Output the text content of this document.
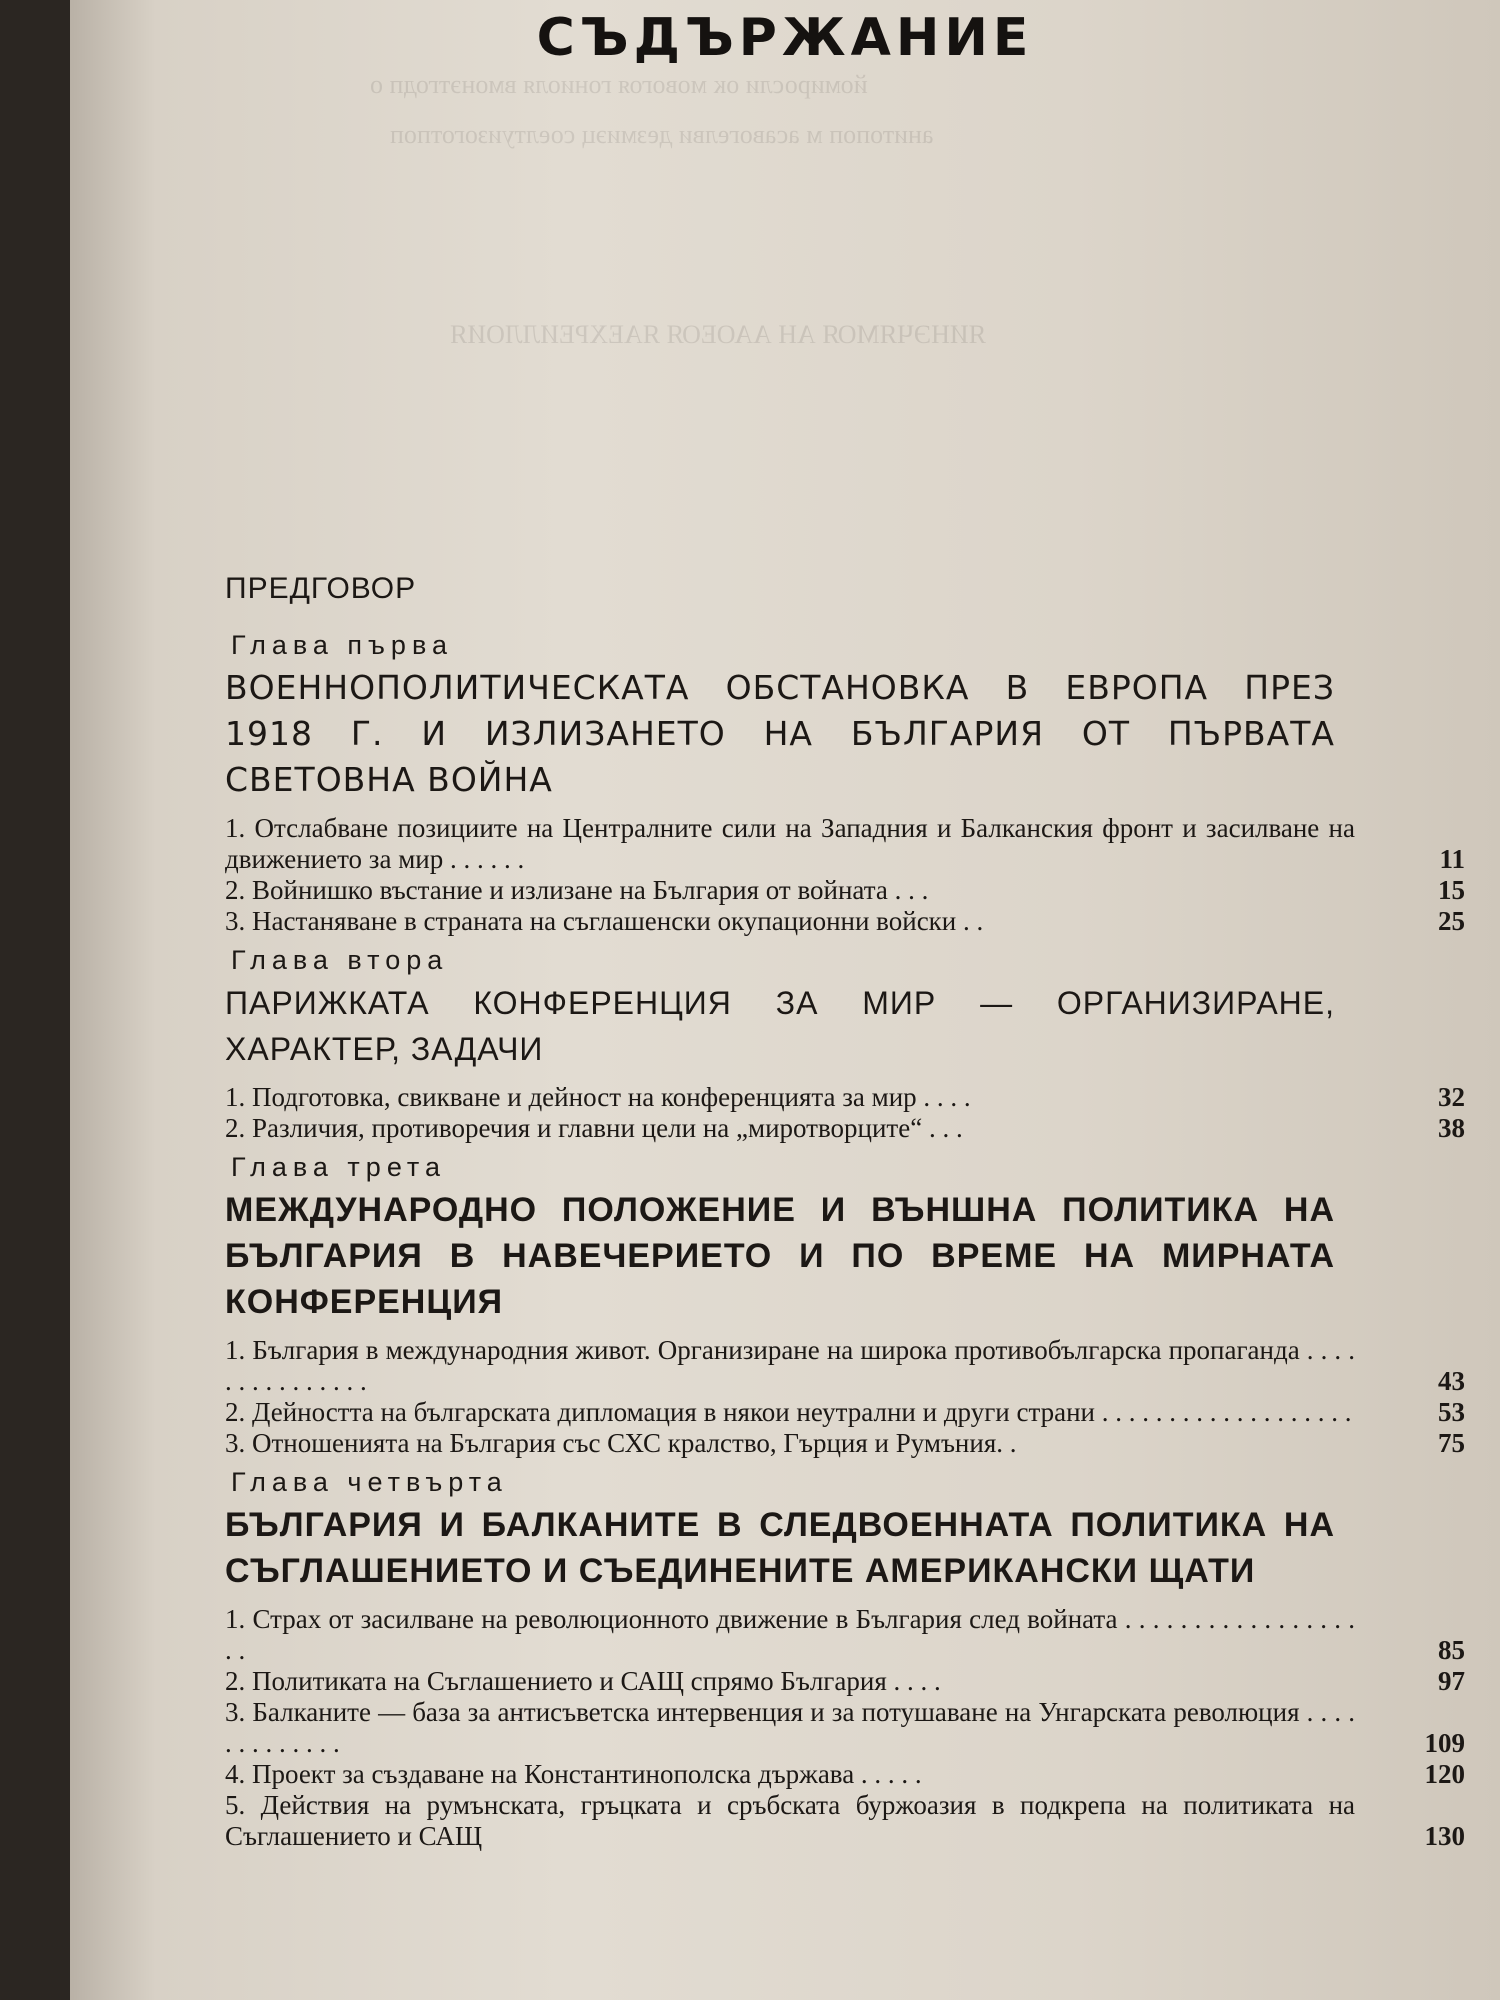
йомиросли ок мовогоя гониоля вмонэтгодп о
анитопоп м асавогелви дезмиэц соелтуизоготпоп
ЯИНЭЧЯМОЯ АН ААОЕОЯ ЯАЕХРЕИЛЛОИЯ
СЪДЪРЖАНИЕ
ПРЕДГОВОР
Глава първа
ВОЕННОПОЛИТИЧЕСКАТА ОБСТАНОВКА В ЕВРОПА ПРЕЗ 1918 Г. И ИЗЛИЗАНЕТО НА БЪЛГАРИЯ ОТ ПЪРВАТА СВЕТОВНА ВОЙНА
1. Отслабване позициите на Централните сили на Западния и Балканския фронт и засилване на движението за мир . . . . . .	11
2. Войнишко въстание и излизане на България от войната . . .	15
3. Настаняване в страната на съглашенски окупационни войски . .	25
Глава втора
ПАРИЖКАТА КОНФЕРЕНЦИЯ ЗА МИР — ОРГАНИЗИРАНЕ, ХАРАКТЕР, ЗАДАЧИ
1. Подготовка, свикване и дейност на конференцията за мир . . . .	32
2. Различия, противоречия и главни цели на „миротворците“ . . .	38
Глава трета
МЕЖДУНАРОДНО ПОЛОЖЕНИЕ И ВЪНШНА ПОЛИТИКА НА БЪЛГАРИЯ В НАВЕЧЕРИЕТО И ПО ВРЕМЕ НА МИРНАТА КОНФЕРЕНЦИЯ
1. България в международния живот. Организиране на широка противобългарска пропаганда . . . . . . . . . . . . . . .	43
2. Дейността на българската дипломация в някои неутрални и други страни . . . . . . . . . . . . . . . . . . .	53
3. Отношенията на България със СХС кралство, Гърция и Румъния. .	75
Глава четвърта
БЪЛГАРИЯ И БАЛКАНИТЕ В СЛЕДВОЕННАТА ПОЛИТИКА НА СЪГЛАШЕНИЕТО И СЪЕДИНЕНИТЕ АМЕРИКАНСКИ ЩАТИ
1. Страх от засилване на революционното движение в България след войната . . . . . . . . . . . . . . . . . . .	85
2. Политиката на Съглашението и САЩ спрямо България . . . .	97
3. Балканите — база за антисъветска интервенция и за потушаване на Унгарската революция . . . . . . . . . . . . .	109
4. Проект за създаване на Константинополска държава . . . . .	120
5. Действия на румънската, гръцката и сръбската буржоазия в подкрепа на политиката на Съглашението и САЩ	130
